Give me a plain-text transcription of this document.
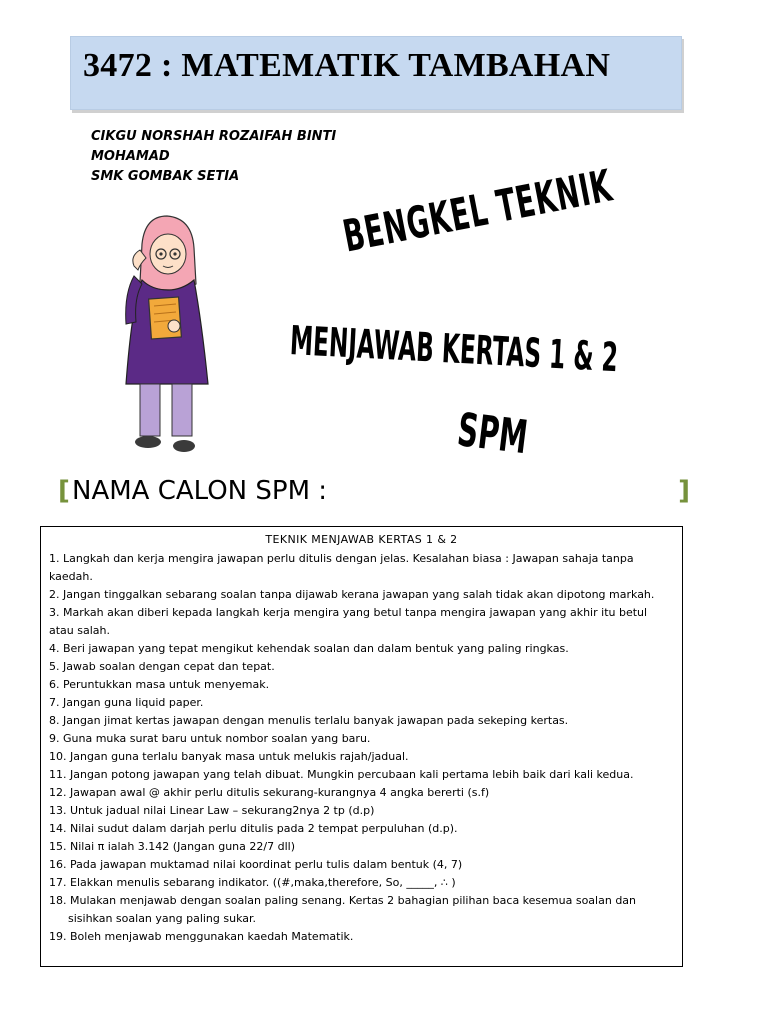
3472 : MATEMATIK TAMBAHAN
CIKGU NORSHAH ROZAIFAH BINTI
MOHAMAD
SMK GOMBAK SETIA	BENGKEL TEKNIK
MENJAWAB KERTAS 1 & 2
SPM
[ NAMA CALON SPM :	]
TEKNIK MENJAWAB KERTAS 1 & 2
1. Langkah dan kerja mengira jawapan perlu ditulis dengan jelas. Kesalahan biasa : Jawapan sahaja tanpa kaedah.
2. Jangan tinggalkan sebarang soalan tanpa dijawab kerana jawapan yang salah tidak akan dipotong markah.
3. Markah akan diberi kepada langkah kerja mengira yang betul tanpa mengira jawapan yang akhir itu betul atau salah.
4. Beri jawapan yang tepat mengikut kehendak soalan dan dalam bentuk yang paling ringkas.
5. Jawab soalan dengan cepat dan tepat.
6. Peruntukkan masa untuk menyemak.
7. Jangan guna liquid paper.
8. Jangan jimat kertas jawapan dengan menulis terlalu banyak jawapan pada sekeping kertas.
9. Guna muka surat baru untuk nombor soalan yang baru.
10. Jangan guna terlalu banyak masa untuk melukis rajah/jadual.
11. Jangan potong jawapan yang telah dibuat. Mungkin percubaan kali pertama lebih baik dari kali kedua.
12. Jawapan awal @ akhir perlu ditulis sekurang-kurangnya 4 angka bererti (s.f)
13. Untuk jadual nilai Linear Law – sekurang2nya 2 tp (d.p)
14. Nilai sudut dalam darjah perlu ditulis pada 2 tempat perpuluhan (d.p).
15. Nilai π ialah 3.142 (Jangan guna 22/7 dll)
16. Pada jawapan muktamad nilai koordinat perlu tulis dalam bentuk (4, 7)
17. Elakkan menulis sebarang indikator. ((#,maka,therefore, So, _____, ∴ )
18. Mulakan menjawab dengan soalan paling senang. Kertas 2 bahagian pilihan baca kesemua soalan dan sisihkan soalan yang paling sukar.
19. Boleh menjawab menggunakan kaedah Matematik.
